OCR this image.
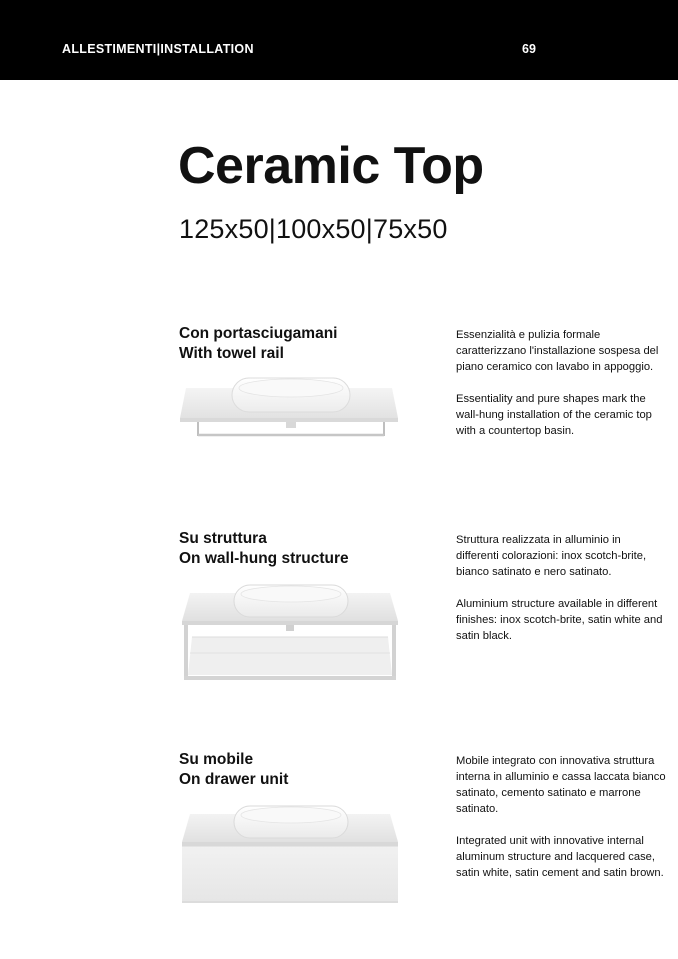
ALLESTIMENTI|INSTALLATION	69
Ceramic Top
125x50|100x50|75x50
Con portasciugamani
With towel rail

Essenzialità e pulizia formale caratterizzano l'installazione sospesa del piano ceramico con lavabo in appoggio.

Essentiality and pure shapes mark the wall-hung installation of the ceramic top with a countertop basin.

Su struttura
On wall-hung structure

Struttura realizzata in alluminio in differenti colorazioni: inox scotch-brite, bianco satinato e nero satinato.

Aluminium structure available in different finishes: inox scotch-brite, satin white and satin black.

Su mobile
On drawer unit

Mobile integrato con innovativa struttura interna in alluminio e cassa laccata bianco satinato, cemento satinato e marrone satinato.

Integrated unit with innovative internal aluminum structure and lacquered case, satin white, satin cement and satin brown.
